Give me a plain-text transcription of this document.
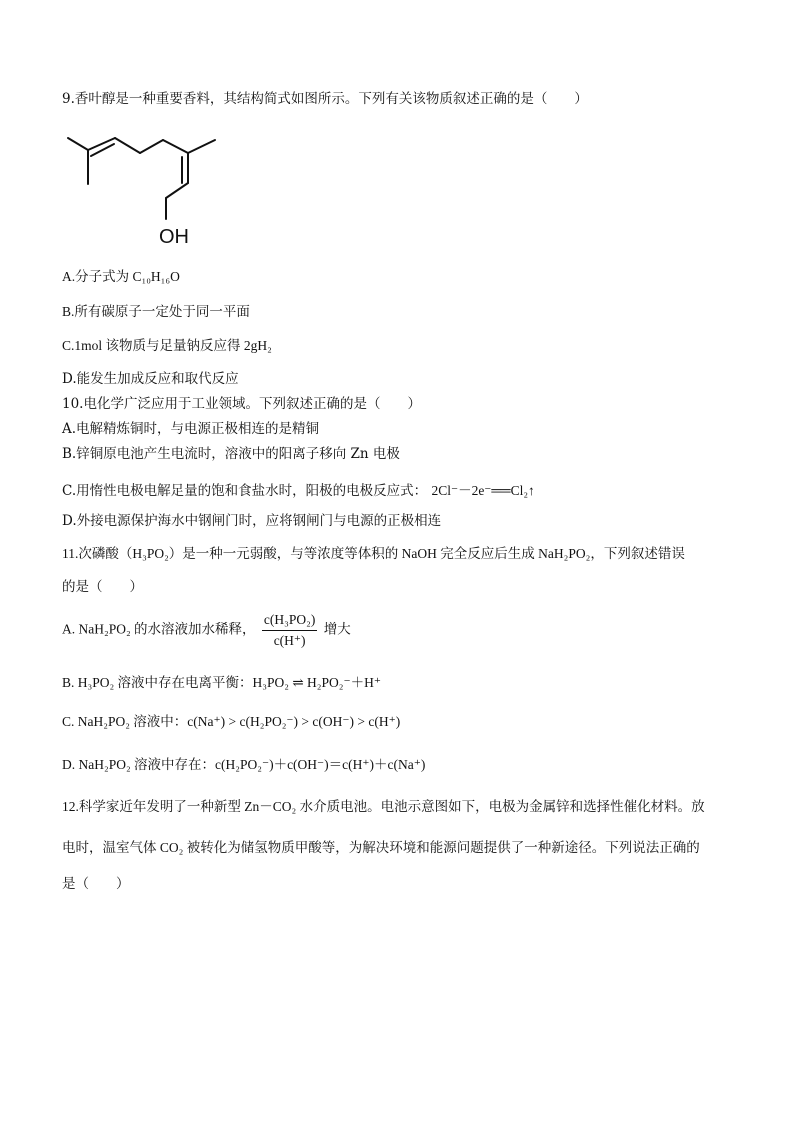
9.香叶醇是一种重要香料，其结构简式如图所示。下列有关该物质叙述正确的是（　　）
OH
A.分子式为 C₁₀H₁₆O
B.所有碳原子一定处于同一平面
C.1mol 该物质与足量钠反应得 2gH₂
D.能发生加成反应和取代反应
10.电化学广泛应用于工业领域。下列叙述正确的是（　　）
A.电解精炼铜时，与电源正极相连的是精铜
B.锌铜原电池产生电流时，溶液中的阳离子移向 Zn 电极
C.用惰性电极电解足量的饱和食盐水时，阳极的电极反应式： 2Cl⁻－2e⁻══Cl₂↑
D.外接电源保护海水中钢闸门时，应将钢闸门与电源的正极相连
11.次磷酸（H₃PO₂）是一种一元弱酸，与等浓度等体积的 NaOH 完全反应后生成 NaH₂PO₂，下列叙述错误
的是（　　）
A. NaH₂PO₂ 的水溶液加水稀释， $\frac{\text{c(H₃PO₂)}}{c(H^+)}$ 增大
B. H₃PO₂ 溶液中存在电离平衡：H₃PO₂ ⇌ H₂PO₂⁻＋H⁺
C. NaH₂PO₂ 溶液中：c(Na⁺) > c(H₂PO₂⁻) > c(OH⁻) > c(H⁺)
D. NaH₂PO₂ 溶液中存在：c(H₂PO₂⁻)＋c(OH⁻)＝c(H⁺)＋c(Na⁺)
12.科学家近年发明了一种新型 Zn－CO₂ 水介质电池。电池示意图如下，电极为金属锌和选择性催化材料。放
电时，温室气体 CO₂ 被转化为储氢物质甲酸等，为解决环境和能源问题提供了一种新途径。下列说法正确的
是（　　）
